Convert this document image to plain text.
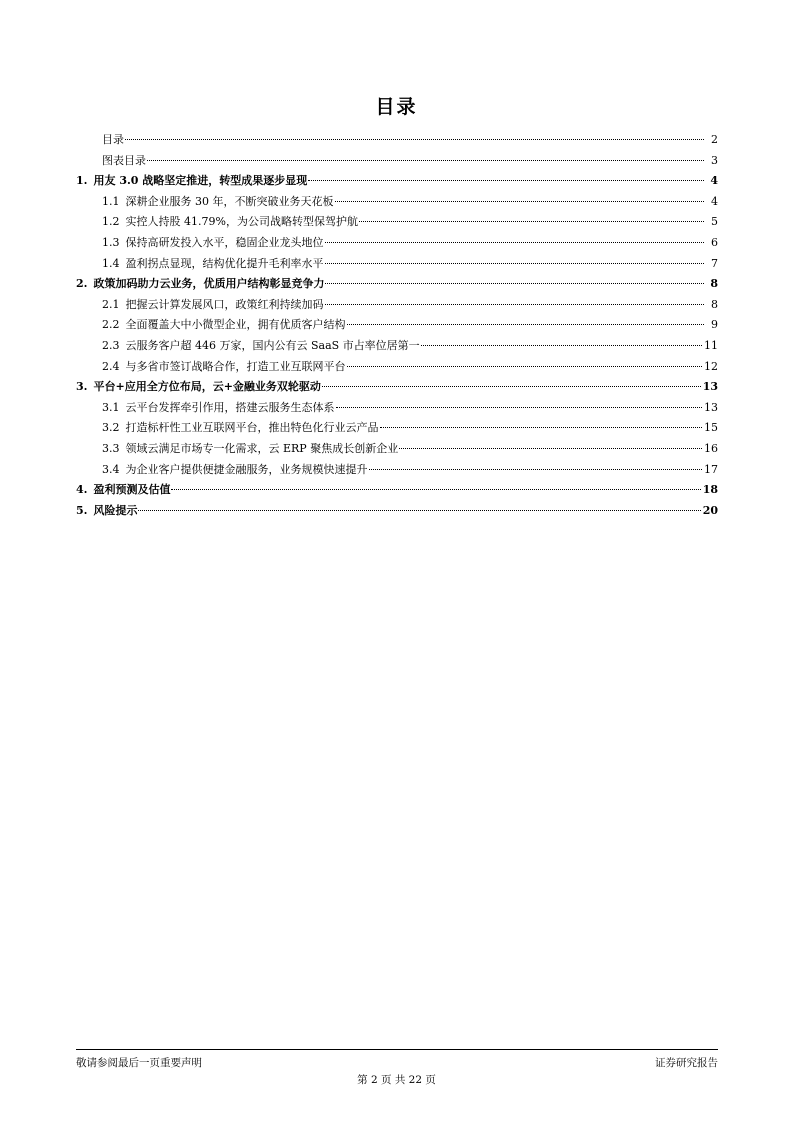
目录
目录	2
图表目录	3
1. 用友 3.0 战略坚定推进，转型成果逐步显现	4
1.1 深耕企业服务 30 年，不断突破业务天花板	4
1.2 实控人持股 41.79%，为公司战略转型保驾护航	5
1.3 保持高研发投入水平，稳固企业龙头地位	6
1.4 盈利拐点显现，结构优化提升毛利率水平	7
2. 政策加码助力云业务，优质用户结构彰显竞争力	8
2.1 把握云计算发展风口，政策红利持续加码	8
2.2 全面覆盖大中小微型企业，拥有优质客户结构	9
2.3 云服务客户超 446 万家，国内公有云 SaaS 市占率位居第一	11
2.4 与多省市签订战略合作，打造工业互联网平台	12
3. 平台+应用全方位布局，云+金融业务双轮驱动	13
3.1 云平台发挥牵引作用，搭建云服务生态体系	13
3.2 打造标杆性工业互联网平台，推出特色化行业云产品	15
3.3 领域云满足市场专一化需求，云 ERP 聚焦成长创新企业	16
3.4 为企业客户提供便捷金融服务，业务规模快速提升	17
4. 盈利预测及估值	18
5. 风险提示	20
敬请参阅最后一页重要声明	证券研究报告
第 2 页 共 22 页
